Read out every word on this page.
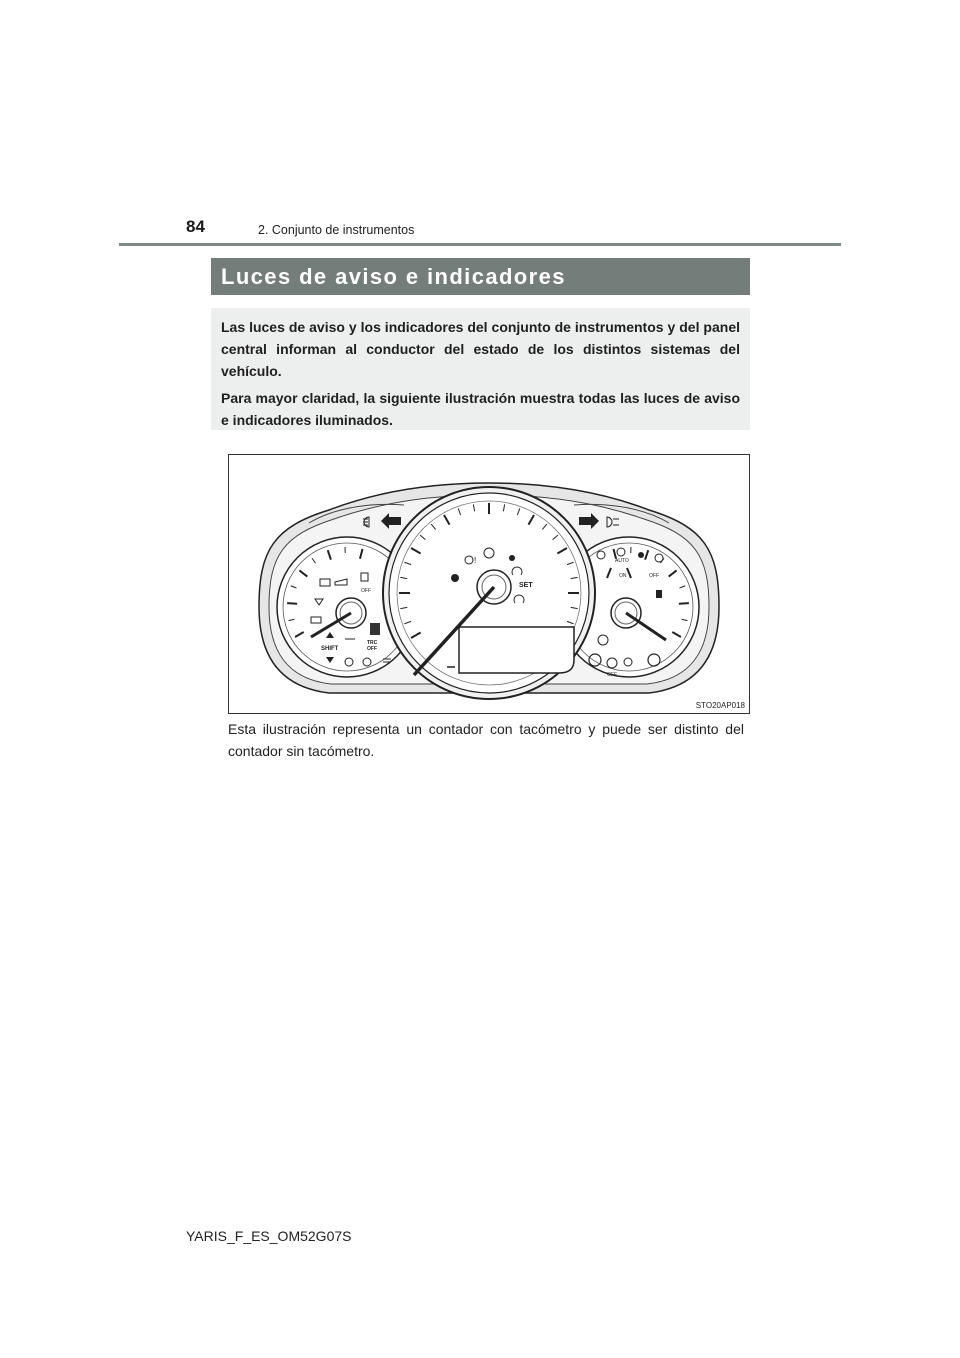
84	2. Conjunto de instrumentos
Luces de aviso e indicadores

Las luces de aviso y los indicadores del conjunto de instrumentos y del panel central informan al conductor del estado de los distintos sistemas del vehículo.

Para mayor claridad, la siguiente ilustración muestra todas las luces de aviso e indicadores iluminados.

!
SET
OFF
SHIFT
TRC
OFF
AUTO
ON	OFF
OFF
STO20AP018
Esta ilustración representa un contador con tacómetro y puede ser distinto del contador sin tacómetro.
YARIS_F_ES_OM52G07S
